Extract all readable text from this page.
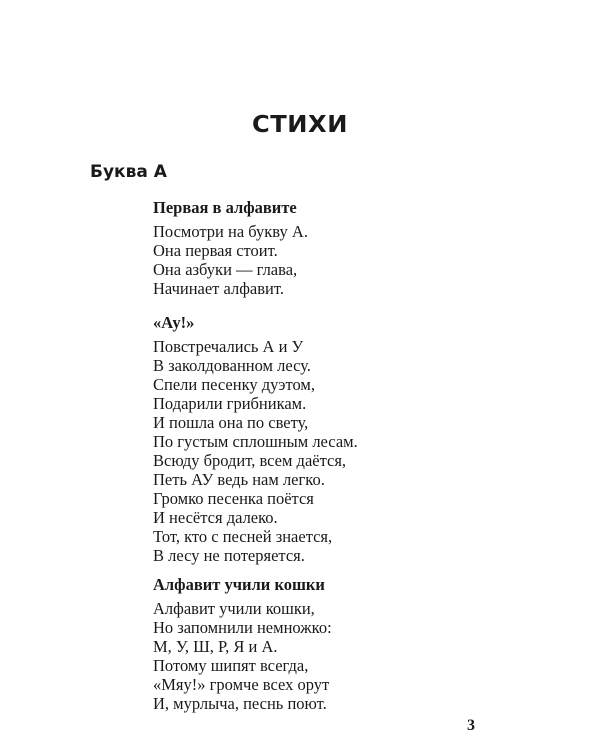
СТИХИ
Буква А
Первая в алфавите
Посмотри на букву А.
Она первая стоит.
Она азбуки — глава,
Начинает алфавит.
«Ау!»
Повстречались А и У
В заколдованном лесу.
Спели песенку дуэтом,
Подарили грибникам.
И пошла она по свету,
По густым сплошным лесам.
Всюду бродит, всем даётся,
Петь АУ ведь нам легко.
Громко песенка поётся
И несётся далеко.
Тот, кто с песней знается,
В лесу не потеряется.
Алфавит учили кошки
Алфавит учили кошки,
Но запомнили немножко:
М, У, Ш, Р, Я и А.
Потому шипят всегда,
«Мяу!» громче всех орут
И, мурлыча, песнь поют.
3
